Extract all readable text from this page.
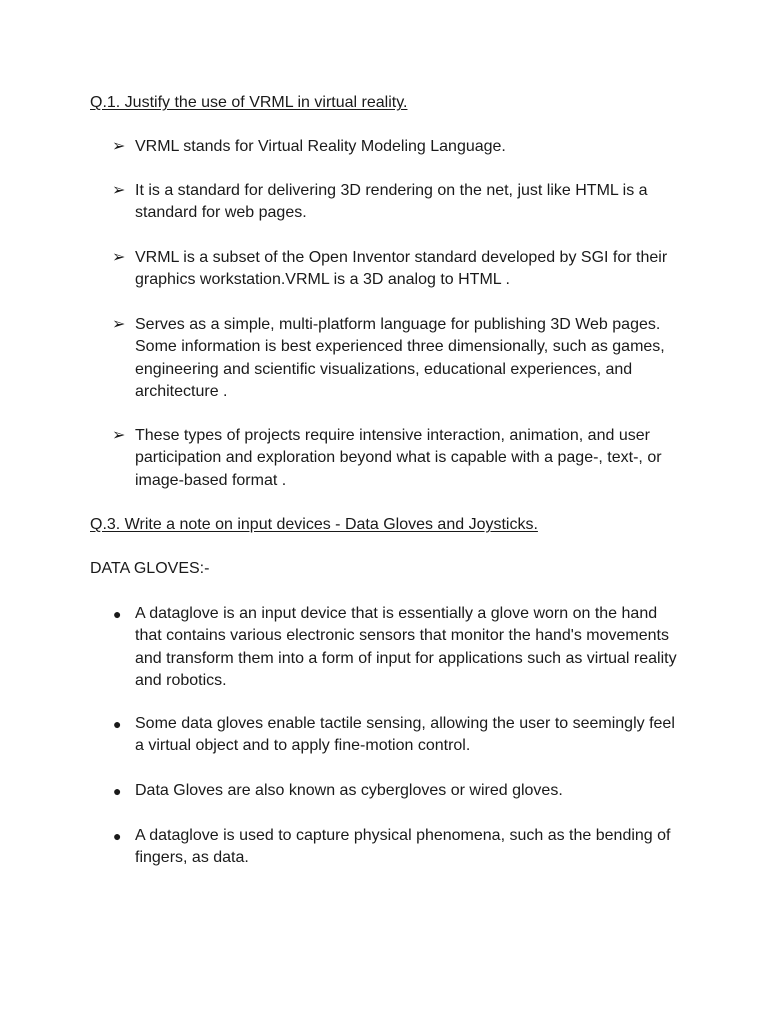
Q.1. Justify the use of VRML in virtual reality.
➢ VRML stands for Virtual Reality Modeling Language.

➢ It is a standard for delivering 3D rendering on the net, just like HTML is a standard for web pages.

➢ VRML is a subset of the Open Inventor standard developed by SGI for their graphics workstation.VRML is a 3D analog to HTML .

➢ Serves as a simple, multi-platform language for publishing 3D Web pages. Some information is best experienced three dimensionally, such as games, engineering and scientific visualizations, educational experiences, and architecture .

➢ These types of projects require intensive interaction, animation, and user participation and exploration beyond what is capable with a page-, text-, or image-based format .

Q.3. Write a note on input devices - Data Gloves and Joysticks.

DATA GLOVES:-

● A dataglove is an input device that is essentially a glove worn on the hand that contains various electronic sensors that monitor the hand's movements and transform them into a form of input for applications such as virtual reality and robotics.

● Some data gloves enable tactile sensing, allowing the user to seemingly feel a virtual object and to apply fine-motion control.

● Data Gloves are also known as cybergloves or wired gloves.

● A dataglove is used to capture physical phenomena, such as the bending of fingers, as data.
